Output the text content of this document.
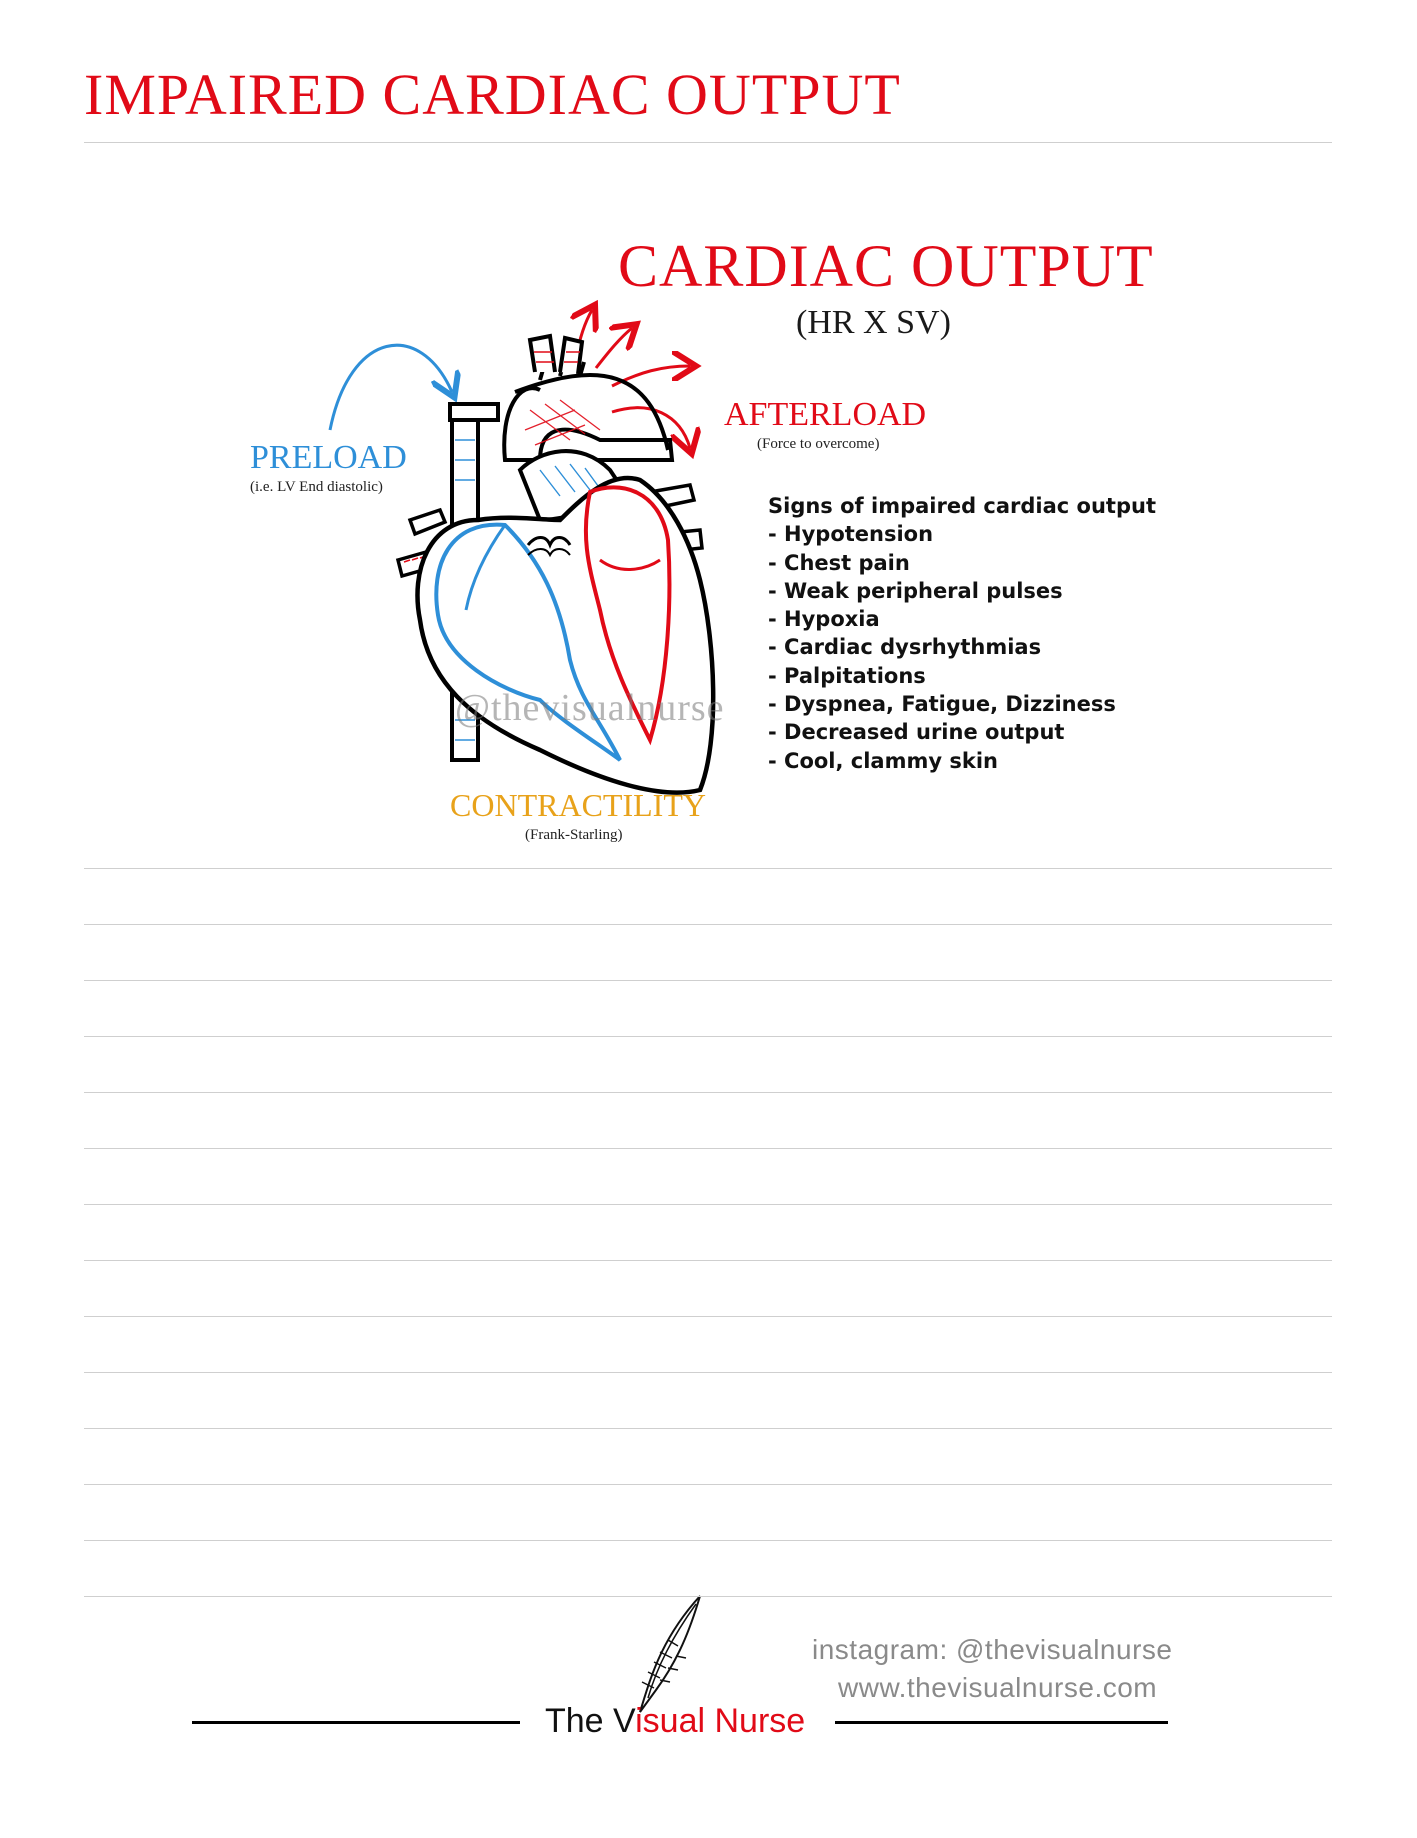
IMPAIRED CARDIAC OUTPUT
CARDIAC OUTPUT
(HR X SV)
PRELOAD
(i.e. LV End diastolic)
AFTERLOAD
(Force to overcome)
CONTRACTILITY
(Frank-Starling)
@thevisualnurse
Signs of impaired cardiac output
- Hypotension
- Chest pain
- Weak peripheral pulses
- Hypoxia
- Cardiac dysrhythmias
- Palpitations
- Dyspnea, Fatigue, Dizziness
- Decreased urine output
- Cool, clammy skin
The Visual Nurse
instagram: @thevisualnurse
www.thevisualnurse.com
